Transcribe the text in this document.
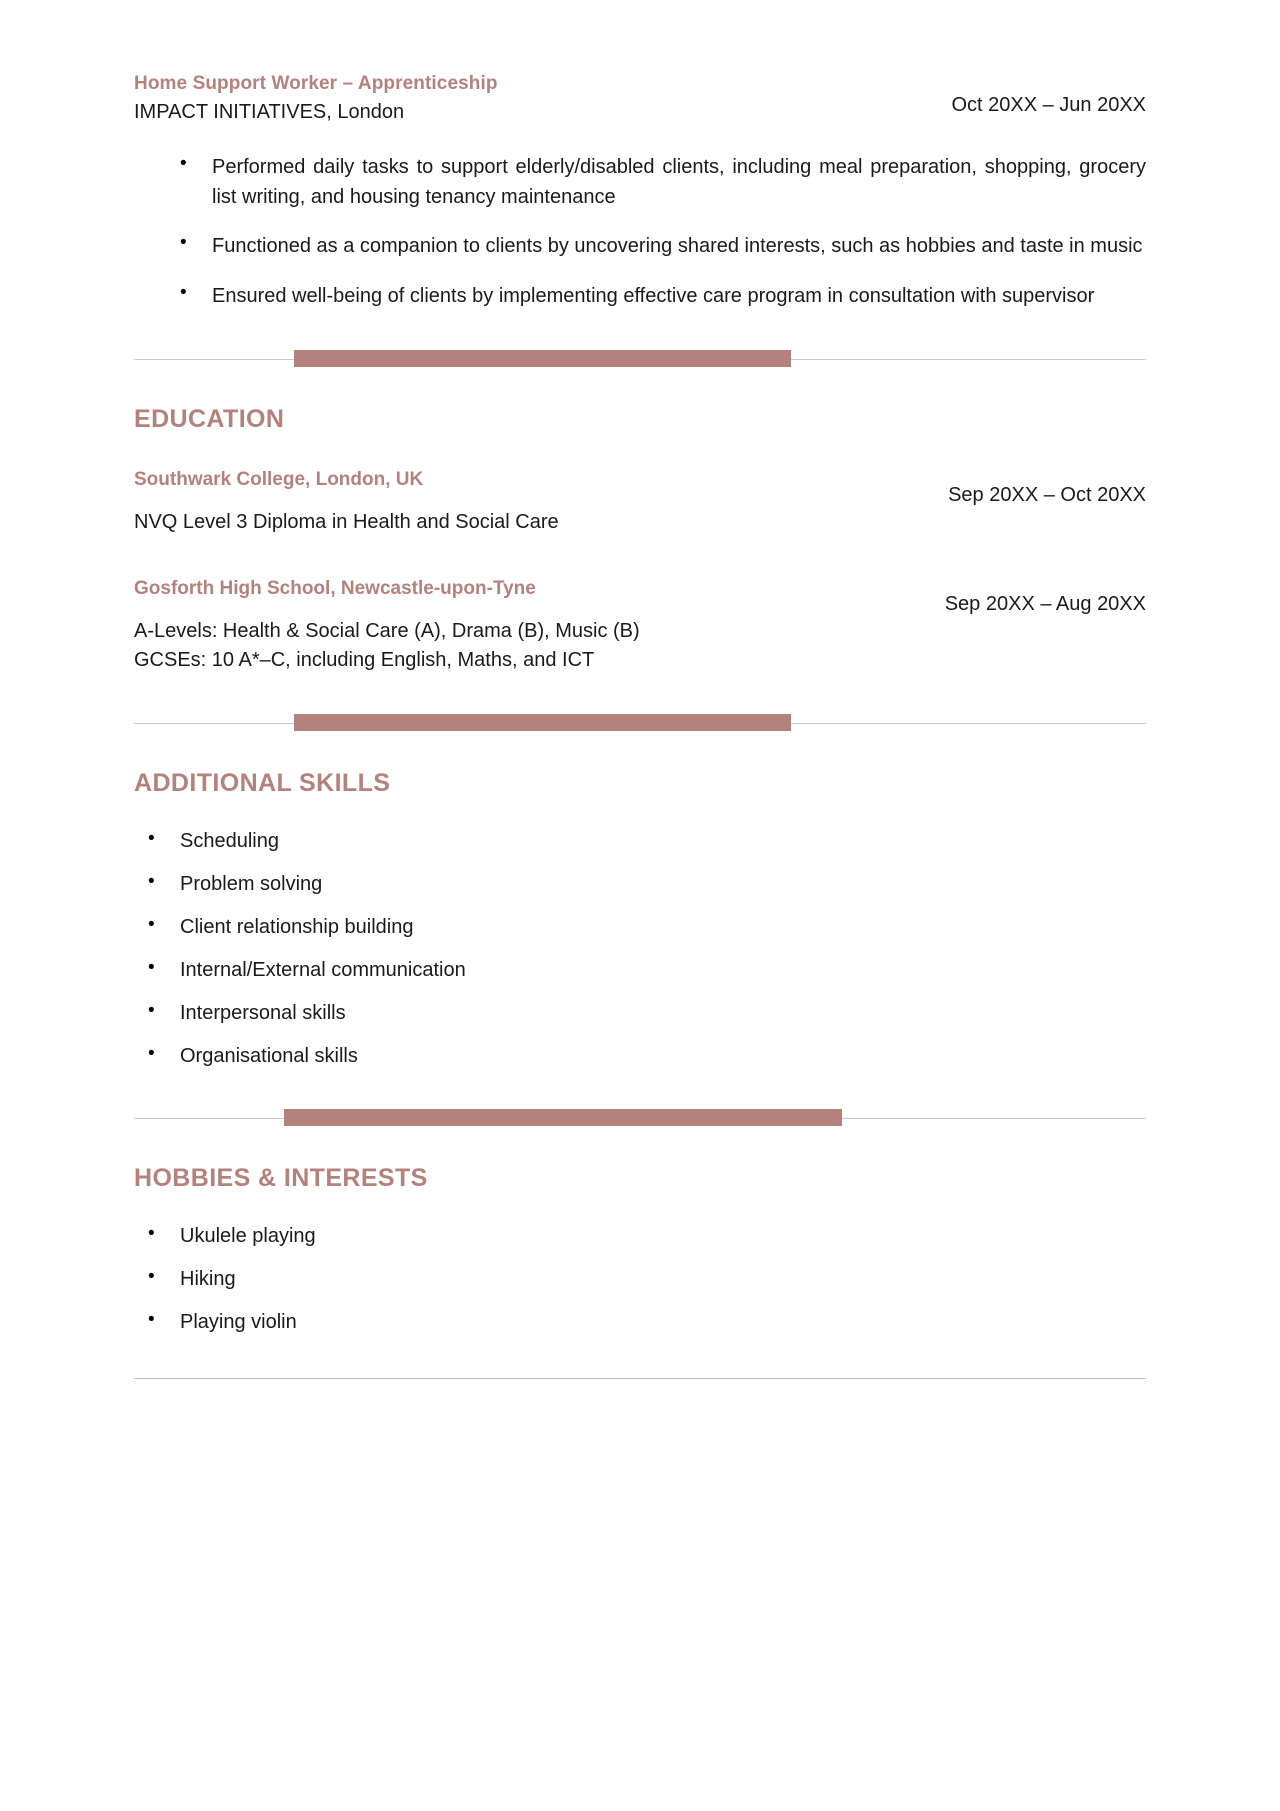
Home Support Worker – Apprenticeship
IMPACT INITIATIVES, London	Oct 20XX – Jun 20XX
• Performed daily tasks to support elderly/disabled clients, including meal preparation, shopping, grocery list writing, and housing tenancy maintenance
• Functioned as a companion to clients by uncovering shared interests, such as hobbies and taste in music
• Ensured well-being of clients by implementing effective care program in consultation with supervisor
EDUCATION
Southwark College, London, UK
NVQ Level 3 Diploma in Health and Social Care
Sep 20XX – Oct 20XX
Gosforth High School, Newcastle-upon-Tyne
A-Levels: Health & Social Care (A), Drama (B), Music (B)
GCSEs: 10 A*–C, including English, Maths, and ICT
Sep 20XX – Aug 20XX
ADDITIONAL SKILLS
• Scheduling
• Problem solving
• Client relationship building
• Internal/External communication
• Interpersonal skills
• Organisational skills
HOBBIES & INTERESTS
• Ukulele playing
• Hiking
• Playing violin
